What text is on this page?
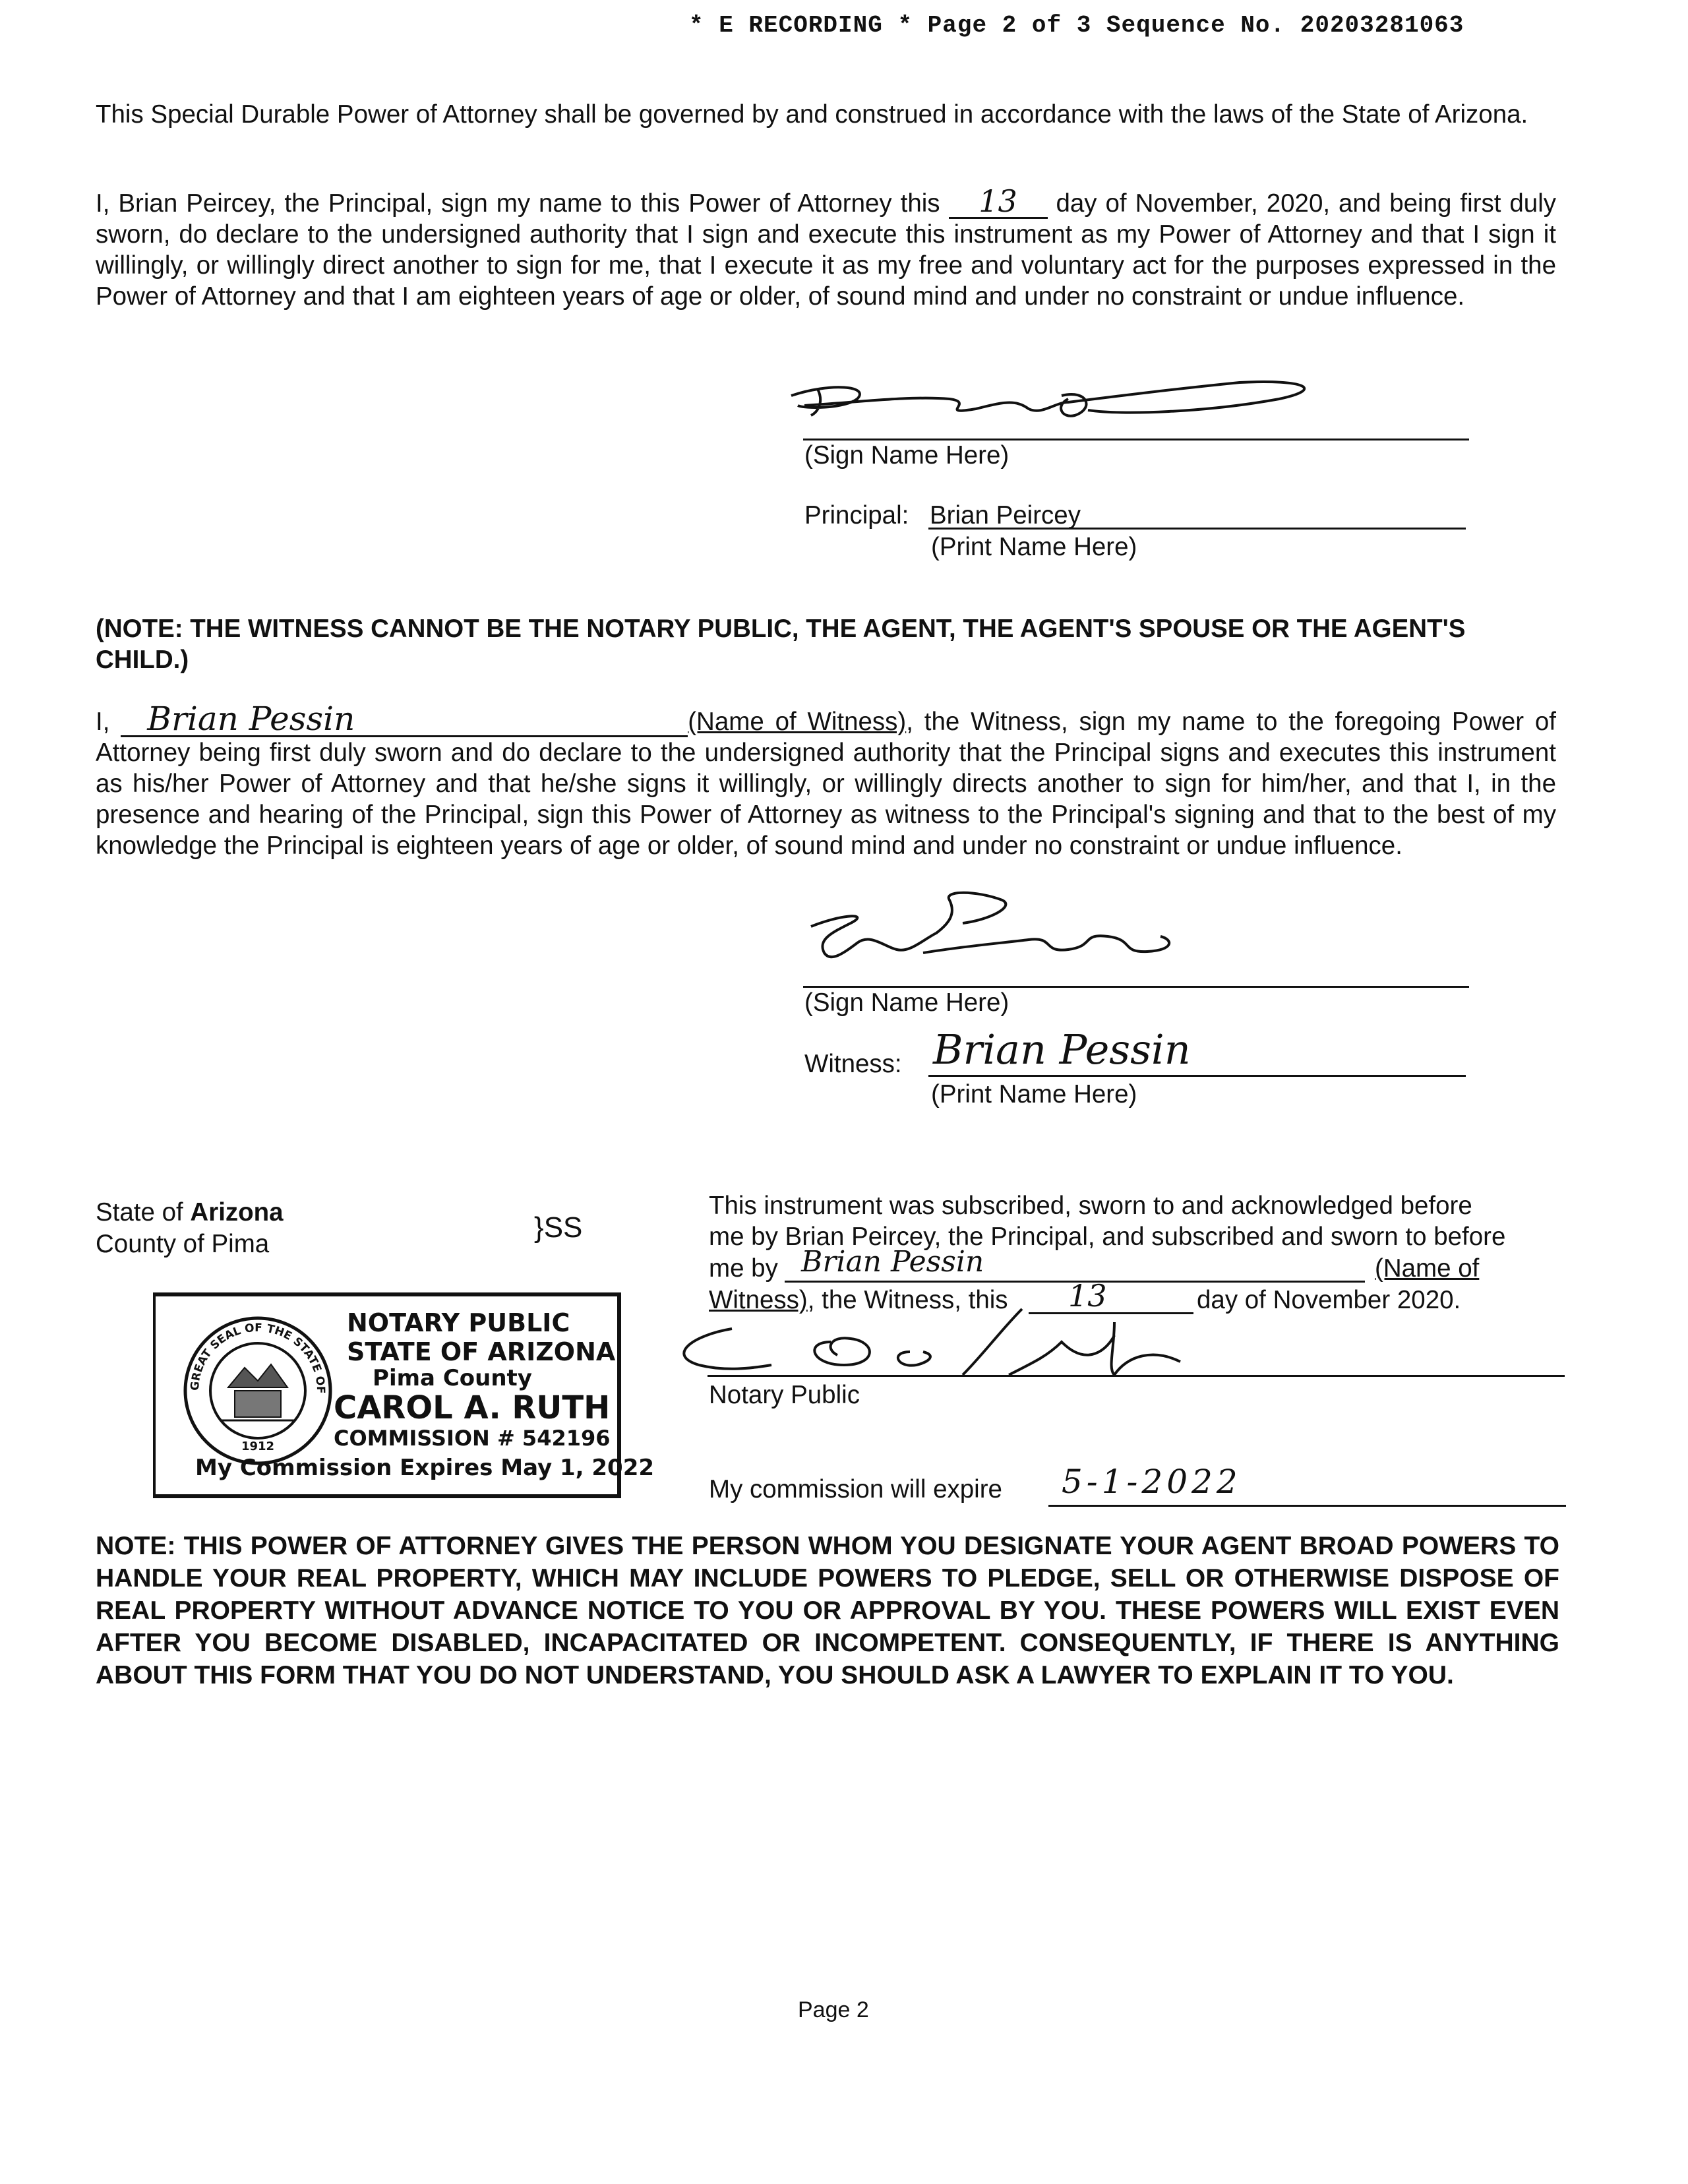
* E RECORDING * Page 2 of 3 Sequence No. 20203281063
This Special Durable Power of Attorney shall be governed by and construed in accordance with the laws of the State of Arizona.
I, Brian Peircey, the Principal, sign my name to this Power of Attorney this 13 day of November, 2020, and being first duly sworn, do declare to the undersigned authority that I sign and execute this instrument as my Power of Attorney and that I sign it willingly, or willingly direct another to sign for me, that I execute it as my free and voluntary act for the purposes expressed in the Power of Attorney and that I am eighteen years of age or older, of sound mind and under no constraint or undue influence.
(Sign Name Here)
Principal: Brian Peircey
(Print Name Here)
(NOTE: THE WITNESS CANNOT BE THE NOTARY PUBLIC, THE AGENT, THE AGENT'S SPOUSE OR THE AGENT'S CHILD.)
I, Brian Pessin	(Name of Witness), the Witness, sign my name to the foregoing Power of Attorney being first duly sworn and do declare to the undersigned authority that the Principal signs and executes this instrument as his/her Power of Attorney and that he/she signs it willingly, or willingly directs another to sign for him/her, and that I, in the presence and hearing of the Principal, sign this Power of Attorney as witness to the Principal's signing and that to the best of my knowledge the Principal is eighteen years of age or older, of sound mind and under no constraint or undue influence.
(Sign Name Here)
Witness: Brian Pessin
(Print Name Here)
State of Arizona
County of Pima
}SS
GREAT SEAL OF THE STATE OF ARIZONA
1912
NOTARY PUBLIC
STATE OF ARIZONA
Pima County
CAROL A. RUTH
COMMISSION # 542196
My Commission Expires May 1, 2022
This instrument was subscribed, sworn to and acknowledged before
me by Brian Peircey, the Principal, and subscribed and sworn to before
me by Brian Pessin	(Name of
Witness), the Witness, this 13	day of November 2020.
Notary Public
My commission will expire 5-1-2022
NOTE: THIS POWER OF ATTORNEY GIVES THE PERSON WHOM YOU DESIGNATE YOUR AGENT BROAD POWERS TO HANDLE YOUR REAL PROPERTY, WHICH MAY INCLUDE POWERS TO PLEDGE, SELL OR OTHERWISE DISPOSE OF REAL PROPERTY WITHOUT ADVANCE NOTICE TO YOU OR APPROVAL BY YOU. THESE POWERS WILL EXIST EVEN AFTER YOU BECOME DISABLED, INCAPACITATED OR INCOMPETENT. CONSEQUENTLY, IF THERE IS ANYTHING ABOUT THIS FORM THAT YOU DO NOT UNDERSTAND, YOU SHOULD ASK A LAWYER TO EXPLAIN IT TO YOU.
Page 2
